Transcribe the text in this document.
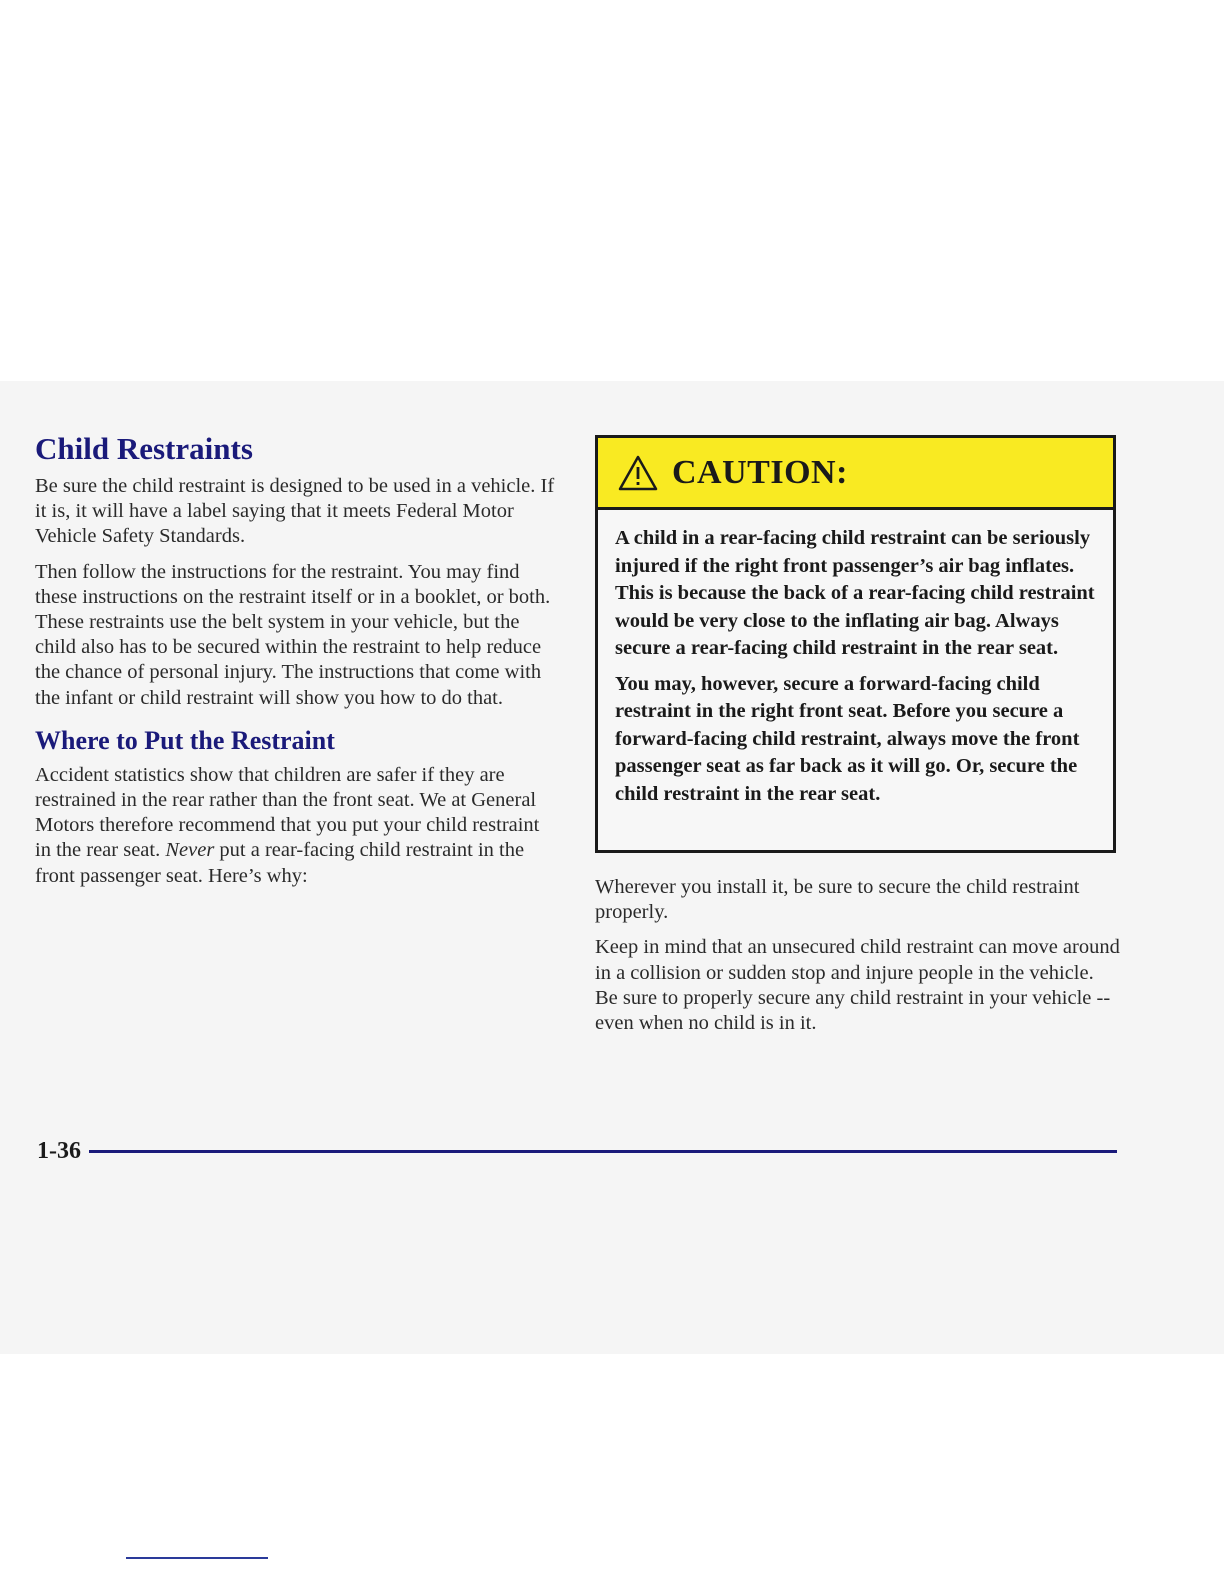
Child Restraints

Be sure the child restraint is designed to be used in a vehicle. If it is, it will have a label saying that it meets Federal Motor Vehicle Safety Standards.

Then follow the instructions for the restraint. You may find these instructions on the restraint itself or in a booklet, or both. These restraints use the belt system in your vehicle, but the child also has to be secured within the restraint to help reduce the chance of personal injury. The instructions that come with the infant or child restraint will show you how to do that.

Where to Put the Restraint

Accident statistics show that children are safer if they are restrained in the rear rather than the front seat. We at General Motors therefore recommend that you put your child restraint in the rear seat. Never put a rear-facing child restraint in the front passenger seat. Here’s why:

CAUTION:

A child in a rear-facing child restraint can be seriously injured if the right front passenger’s air bag inflates. This is because the back of a rear-facing child restraint would be very close to the inflating air bag. Always secure a rear-facing child restraint in the rear seat.

You may, however, secure a forward-facing child restraint in the right front seat. Before you secure a forward-facing child restraint, always move the front passenger seat as far back as it will go. Or, secure the child restraint in the rear seat.

Wherever you install it, be sure to secure the child restraint properly.

Keep in mind that an unsecured child restraint can move around in a collision or sudden stop and injure people in the vehicle. Be sure to properly secure any child restraint in your vehicle -- even when no child is in it.

1-36
